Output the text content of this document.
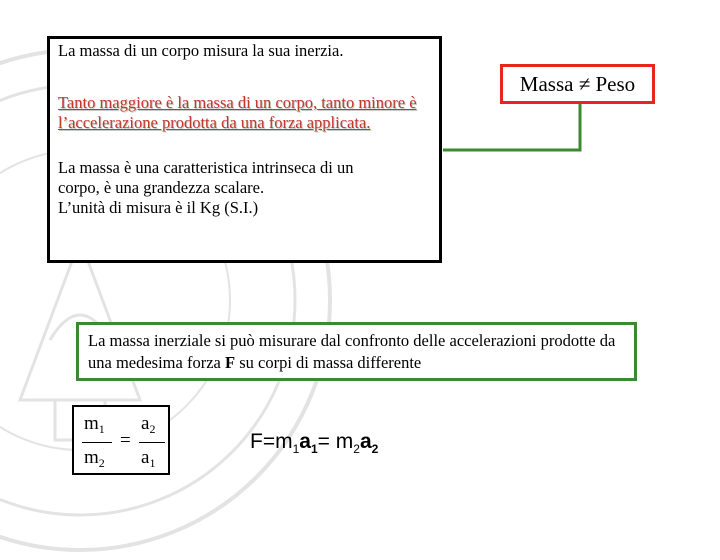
La massa di un corpo misura la sua inerzia.
Tanto maggiore è la massa di un corpo, tanto minore è l’accelerazione prodotta da una forza applicata.
La massa è una caratteristica intrinseca di un
corpo, è una grandezza scalare.
L’unità di misura è il Kg (S.I.)
Massa
≠
Peso
La massa inerziale si può misurare dal confronto delle accelerazioni prodotte da una medesima forza F su corpi di massa differente
$m_1$
$m_2$
=
$a_2$
$a_1$
$F=m_1a_1= m_2a_2$
